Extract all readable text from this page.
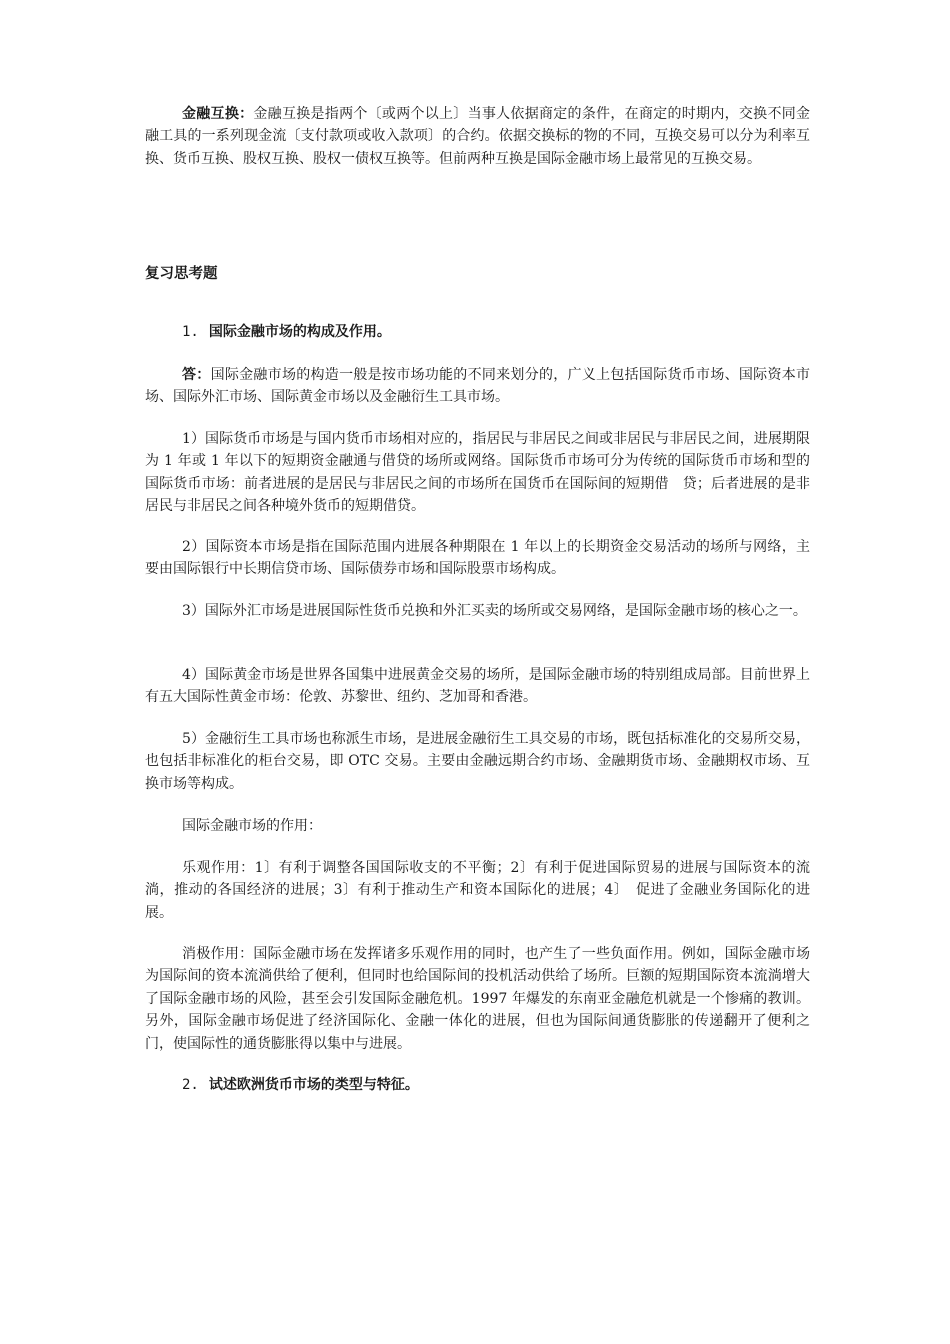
金融互换：金融互换是指两个〔或两个以上〕当事人依据商定的条件，在商定的时期内，交换不同金融工具的一系列现金流〔支付款项或收入款项〕的合约。依据交换标的物的不同，互换交易可以分为利率互换、货币互换、股权互换、股权一债权互换等。但前两种互换是国际金融市场上最常见的互换交易。

复习思考题

1. 国际金融市场的构成及作用。

答：国际金融市场的构造一般是按市场功能的不同来划分的，广义上包括国际货币市场、国际资本市场、国际外汇市场、国际黄金市场以及金融衍生工具市场。

1）国际货币市场是与国内货币市场相对应的，指居民与非居民之间或非居民与非居民之间，进展期限为 1 年或 1 年以下的短期资金融通与借贷的场所或网络。国际货币市场可分为传统的国际货币市场和型的国际货币市场：前者进展的是居民与非居民之间的市场所在国货币在国际间的短期借　贷；后者进展的是非居民与非居民之间各种境外货币的短期借贷。

2）国际资本市场是指在国际范围内进展各种期限在 1 年以上的长期资金交易活动的场所与网络，主要由国际银行中长期信贷市场、国际债券市场和国际股票市场构成。

3）国际外汇市场是进展国际性货币兑换和外汇买卖的场所或交易网络，是国际金融市场的核心之一。

4）国际黄金市场是世界各国集中进展黄金交易的场所，是国际金融市场的特别组成局部。目前世界上有五大国际性黄金市场：伦敦、苏黎世、纽约、芝加哥和香港。

5）金融衍生工具市场也称派生市场，是进展金融衍生工具交易的市场，既包括标准化的交易所交易，也包括非标准化的柜台交易，即 OTC 交易。主要由金融远期合约市场、金融期货市场、金融期权市场、互换市场等构成。

国际金融市场的作用：

乐观作用：1〕有利于调整各国国际收支的不平衡；2〕有利于促进国际贸易的进展与国际资本的流淌，推动的各国经济的进展；3〕有利于推动生产和资本国际化的进展；4〕　促进了金融业务国际化的进展。

消极作用：国际金融市场在发挥诸多乐观作用的同时，也产生了一些负面作用。例如，国际金融市场为国际间的资本流淌供给了便利，但同时也给国际间的投机活动供给了场所。巨额的短期国际资本流淌增大了国际金融市场的风险，甚至会引发国际金融危机。1997 年爆发的东南亚金融危机就是一个惨痛的教训。另外，国际金融市场促进了经济国际化、金融一体化的进展，但也为国际间通货膨胀的传递翻开了便利之门，使国际性的通货膨胀得以集中与进展。

2. 试述欧洲货币市场的类型与特征。
